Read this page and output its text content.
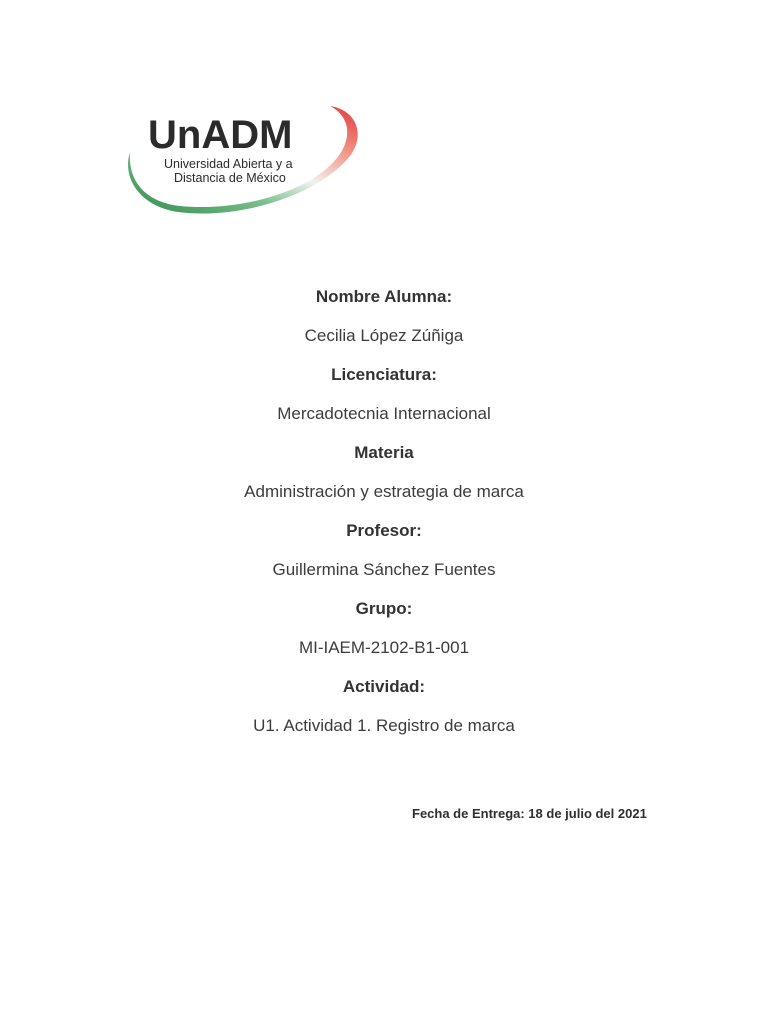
UnADM
Universidad Abierta y a
Distancia de México
Nombre Alumna:
Cecilia López Zúñiga
Licenciatura:
Mercadotecnia Internacional
Materia
Administración y estrategia de marca
Profesor:
Guillermina Sánchez Fuentes
Grupo:
MI-IAEM-2102-B1-001
Actividad:
U1. Actividad 1. Registro de marca
Fecha de Entrega: 18 de julio del 2021
